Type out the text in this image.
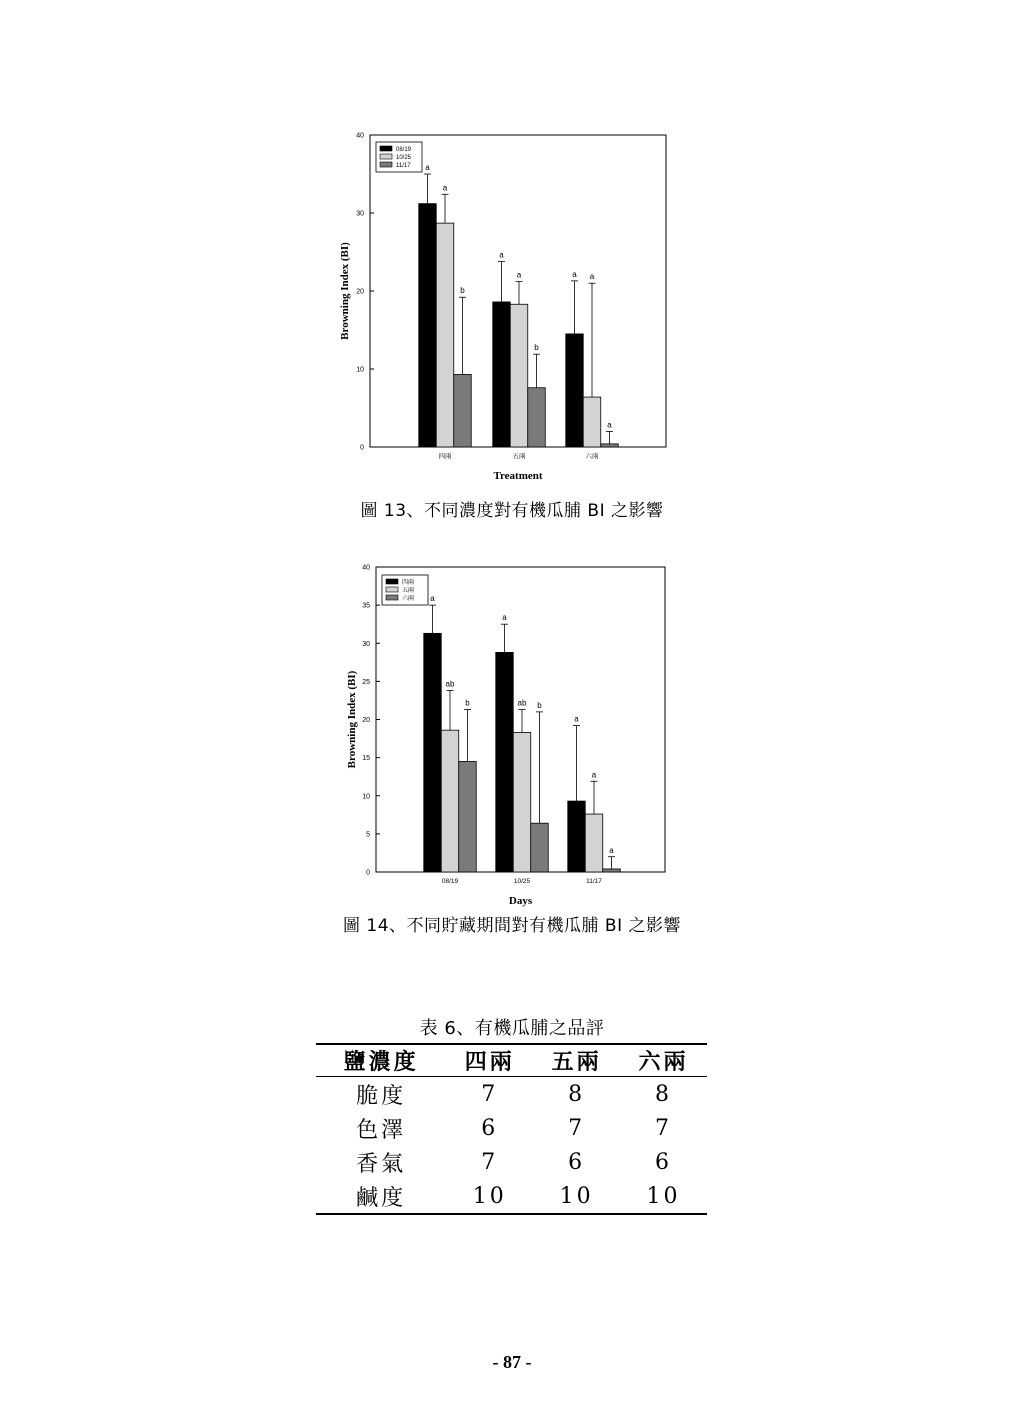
0
10
20
30
40
四兩
a
a
b
五兩
a
a
b
六兩
a a
a
08/19
10/25
11/17
Treatment
Browning Index (BI)
圖 13、不同濃度對有機瓜脯 BI 之影響
0
5
10
15
20
25
30
35
40
08/19
a
ab
b
10/25
a
ab b
11/17
a
a
a
四兩
五兩
六兩
Days
Browning Index (BI)
圖 14、不同貯藏期間對有機瓜脯 BI 之影響
表 6、有機瓜脯之品評
鹽濃度	四兩	五兩	六兩
脆度	7	8	8
色澤	6	7	7
香氣	7	6	6
鹹度	10	10	10
- 87 -
